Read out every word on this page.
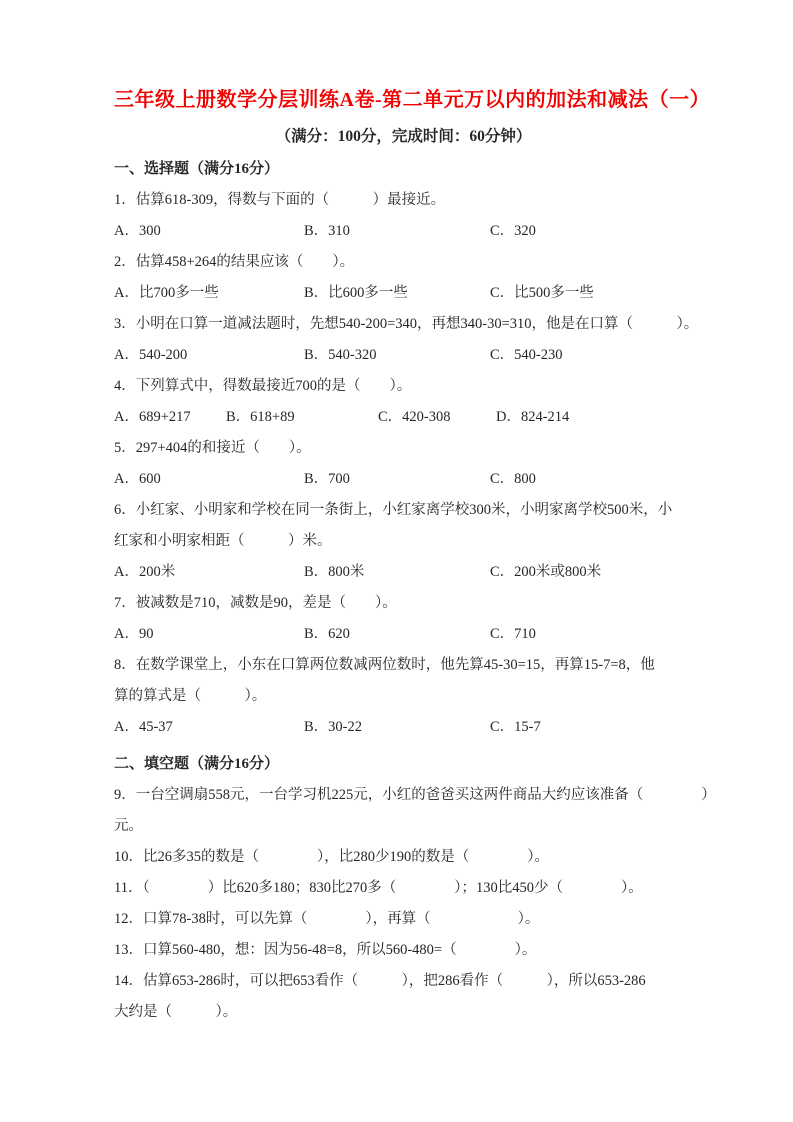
三年级上册数学分层训练A卷-第二单元万以内的加法和减法（一）
（满分：100分，完成时间：60分钟）
一、选择题（满分16分）
1．估算618-309，得数与下面的（　　　）最接近。
A．300	B．310	C．320
2．估算458+264的结果应该（　　）。
A．比700多一些	B．比600多一些	C．比500多一些
3．小明在口算一道减法题时，先想540-200=340，再想340-30=310，他是在口算（　　　）。
A．540-200	B．540-320	C．540-230
4．下列算式中，得数最接近700的是（　　）。
A．689+217	B．618+89	C．420-308	D．824-214
5．297+404的和接近（　　）。
A．600	B．700	C．800
6．小红家、小明家和学校在同一条街上，小红家离学校300米，小明家离学校500米，小
红家和小明家相距（　　　）米。
A．200米	B．800米	C．200米或800米
7．被减数是710，减数是90，差是（　　）。
A．90	B．620	C．710
8．在数学课堂上，小东在口算两位数减两位数时，他先算45-30=15，再算15-7=8，他
算的算式是（　　　）。
A．45-37	B．30-22	C．15-7
二、填空题（满分16分）
9．一台空调扇558元，一台学习机225元，小红的爸爸买这两件商品大约应该准备（　　　　）
元。
10．比26多35的数是（　　　　），比280少190的数是（　　　　）。
11．（　　　　）比620多180；830比270多（　　　　）；130比450少（　　　　）。
12．口算78-38时，可以先算（　　　　），再算（　　　　　　）。
13．口算560-480，想：因为56-48=8，所以560-480=（　　　　）。
14．估算653-286时，可以把653看作（　　　），把286看作（　　　），所以653-286
大约是（　　　）。
